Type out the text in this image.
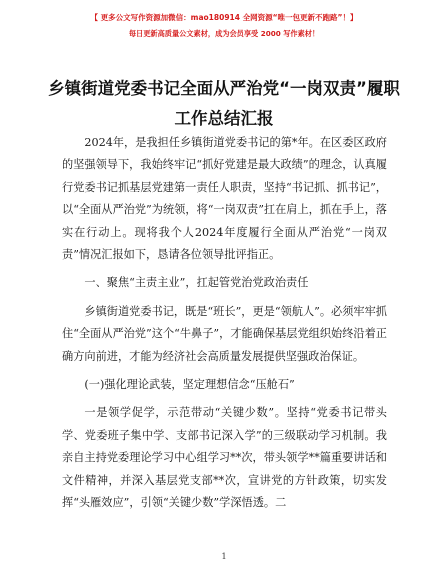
【 更多公文写作资源加微信：mao180914 全网资源“唯一包更新不跑路”！】
每日更新高质量公文素材，成为会员享受 2000 写作素材！
乡镇街道党委书记全面从严治党“一岗双责”履职工作总结汇报

2024年，是我担任乡镇街道党委书记的第*年。在区委区政府的坚强领导下，我始终牢记“抓好党建是最大政绩”的理念，认真履行党委书记抓基层党建第一责任人职责，坚持“书记抓、抓书记”，以“全面从严治党”为统领，将“一岗双责”扛在肩上，抓在手上，落实在行动上。现将我个人2024年度履行全面从严治党“一岗双责”情况汇报如下，恳请各位领导批评指正。

一、聚焦“主责主业”，扛起管党治党政治责任

乡镇街道党委书记，既是“班长”，更是“领航人”。必须牢牢抓住“全面从严治党”这个“牛鼻子”，才能确保基层党组织始终沿着正确方向前进，才能为经济社会高质量发展提供坚强政治保证。

(一)强化理论武装，坚定理想信念“压舱石”

一是领学促学，示范带动“关键少数”。坚持“党委书记带头学、党委班子集中学、支部书记深入学”的三级联动学习机制。我亲自主持党委理论学习中心组学习**次，带头领学**篇重要讲话和文件精神，并深入基层党支部**次，宣讲党的方针政策，切实发挥“头雁效应”，引领“关键少数”学深悟透。二

1
